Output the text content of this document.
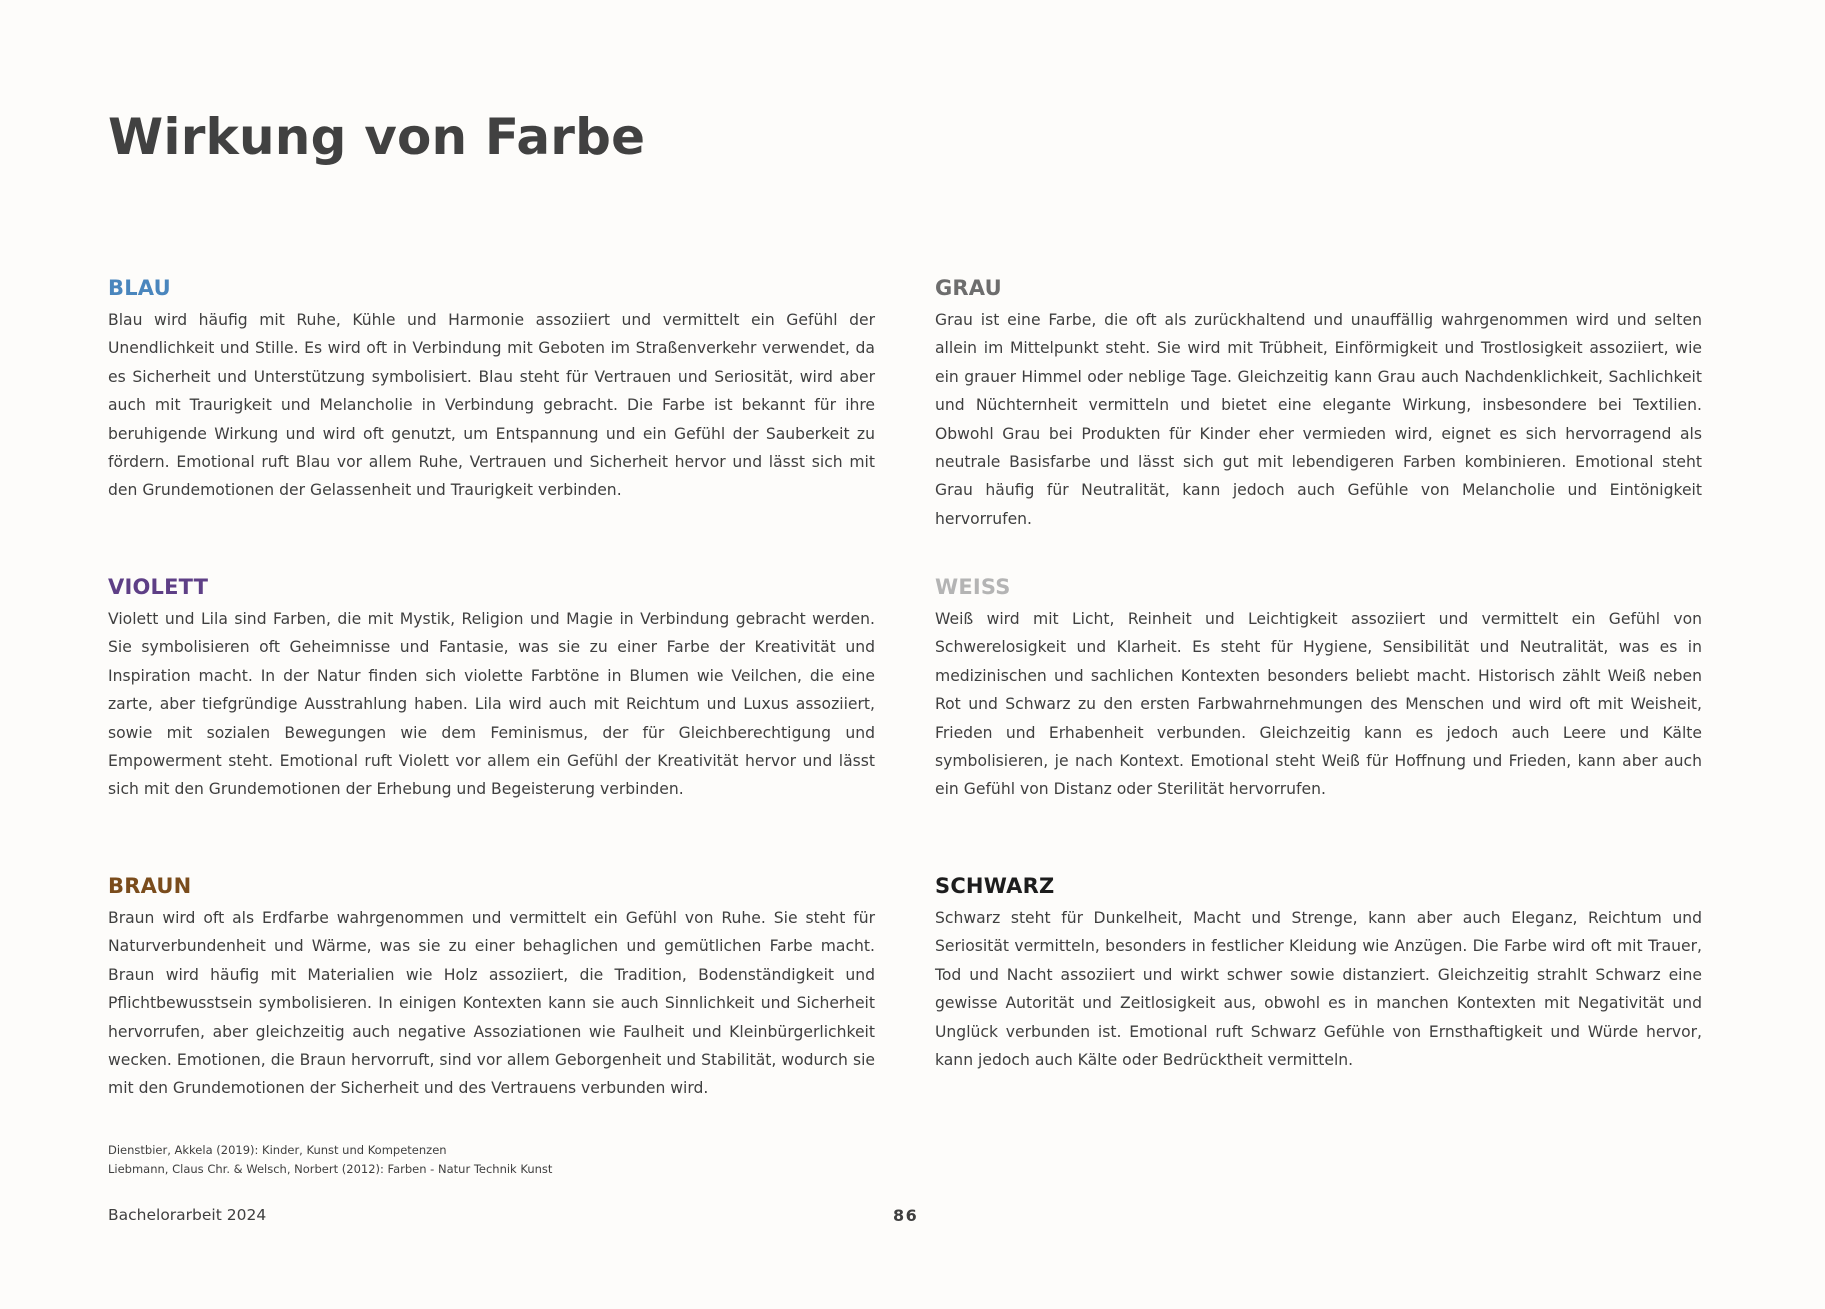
Wirkung von Farbe
BLAU

Blau wird häufig mit Ruhe, Kühle und Harmonie assoziiert und vermittelt ein Gefühl der Unendlichkeit und Stille. Es wird oft in Verbindung mit Geboten im Straßenverkehr verwendet, da es Sicherheit und Unterstützung symbolisiert. Blau steht für Vertrauen und Seriosität, wird aber auch mit Traurigkeit und Melancholie in Verbindung gebracht. Die Farbe ist bekannt für ihre beruhigende Wirkung und wird oft genutzt, um Entspannung und ein Gefühl der Sauberkeit zu fördern. Emotional ruft Blau vor allem Ruhe, Vertrauen und Sicherheit hervor und lässt sich mit den Grundemotionen der Gelassenheit und Traurigkeit verbinden.

GRAU

Grau ist eine Farbe, die oft als zurückhaltend und unauffällig wahrgenommen wird und selten allein im Mittelpunkt steht. Sie wird mit Trübheit, Einförmigkeit und Trostlosigkeit assoziiert, wie ein grauer Himmel oder neblige Tage. Gleichzeitig kann Grau auch Nachdenklichkeit, Sachlichkeit und Nüchternheit vermitteln und bietet eine elegante Wirkung, insbesondere bei Textilien. Obwohl Grau bei Produkten für Kinder eher vermieden wird, eignet es sich hervorragend als neutrale Basisfarbe und lässt sich gut mit lebendigeren Farben kombinieren. Emotional steht Grau häufig für Neutralität, kann jedoch auch Gefühle von Melancholie und Eintönigkeit hervorrufen.

VIOLETT

Violett und Lila sind Farben, die mit Mystik, Religion und Magie in Verbindung gebracht werden. Sie symbolisieren oft Geheimnisse und Fantasie, was sie zu einer Farbe der Kreativität und Inspiration macht. In der Natur finden sich violette Farbtöne in Blumen wie Veilchen, die eine zarte, aber tiefgründige Ausstrahlung haben. Lila wird auch mit Reichtum und Luxus assoziiert, sowie mit sozialen Bewegungen wie dem Feminismus, der für Gleichberechtigung und Empowerment steht. Emotional ruft Violett vor allem ein Gefühl der Kreativität hervor und lässt sich mit den Grundemotionen der Erhebung und Begeisterung verbinden.

WEISS

Weiß wird mit Licht, Reinheit und Leichtigkeit assoziiert und vermittelt ein Gefühl von Schwerelosigkeit und Klarheit. Es steht für Hygiene, Sensibilität und Neutralität, was es in medizinischen und sachlichen Kontexten besonders beliebt macht. Historisch zählt Weiß neben Rot und Schwarz zu den ersten Farbwahrnehmungen des Menschen und wird oft mit Weisheit, Frieden und Erhabenheit verbunden. Gleichzeitig kann es jedoch auch Leere und Kälte symbolisieren, je nach Kontext. Emotional steht Weiß für Hoffnung und Frieden, kann aber auch ein Gefühl von Distanz oder Sterilität hervorrufen.

BRAUN

Braun wird oft als Erdfarbe wahrgenommen und vermittelt ein Gefühl von Ruhe. Sie steht für Naturverbundenheit und Wärme, was sie zu einer behaglichen und gemütlichen Farbe macht. Braun wird häufig mit Materialien wie Holz assoziiert, die Tradition, Bodenständigkeit und Pflichtbewusstsein symbolisieren. In einigen Kontexten kann sie auch Sinnlichkeit und Sicherheit hervorrufen, aber gleichzeitig auch negative Assoziationen wie Faulheit und Kleinbürgerlichkeit wecken. Emotionen, die Braun hervorruft, sind vor allem Geborgenheit und Stabilität, wodurch sie mit den Grundemotionen der Sicherheit und des Vertrauens verbunden wird.

SCHWARZ

Schwarz steht für Dunkelheit, Macht und Strenge, kann aber auch Eleganz, Reichtum und Seriosität vermitteln, besonders in festlicher Kleidung wie Anzügen. Die Farbe wird oft mit Trauer, Tod und Nacht assoziiert und wirkt schwer sowie distanziert. Gleichzeitig strahlt Schwarz eine gewisse Autorität und Zeitlosigkeit aus, obwohl es in manchen Kontexten mit Negativität und Unglück verbunden ist. Emotional ruft Schwarz Gefühle von Ernsthaftigkeit und Würde hervor, kann jedoch auch Kälte oder Bedrücktheit vermitteln.

Dienstbier, Akkela (2019): Kinder, Kunst und Kompetenzen
Liebmann, Claus Chr. & Welsch, Norbert (2012): Farben - Natur Technik Kunst
Bachelorarbeit 2024	86
